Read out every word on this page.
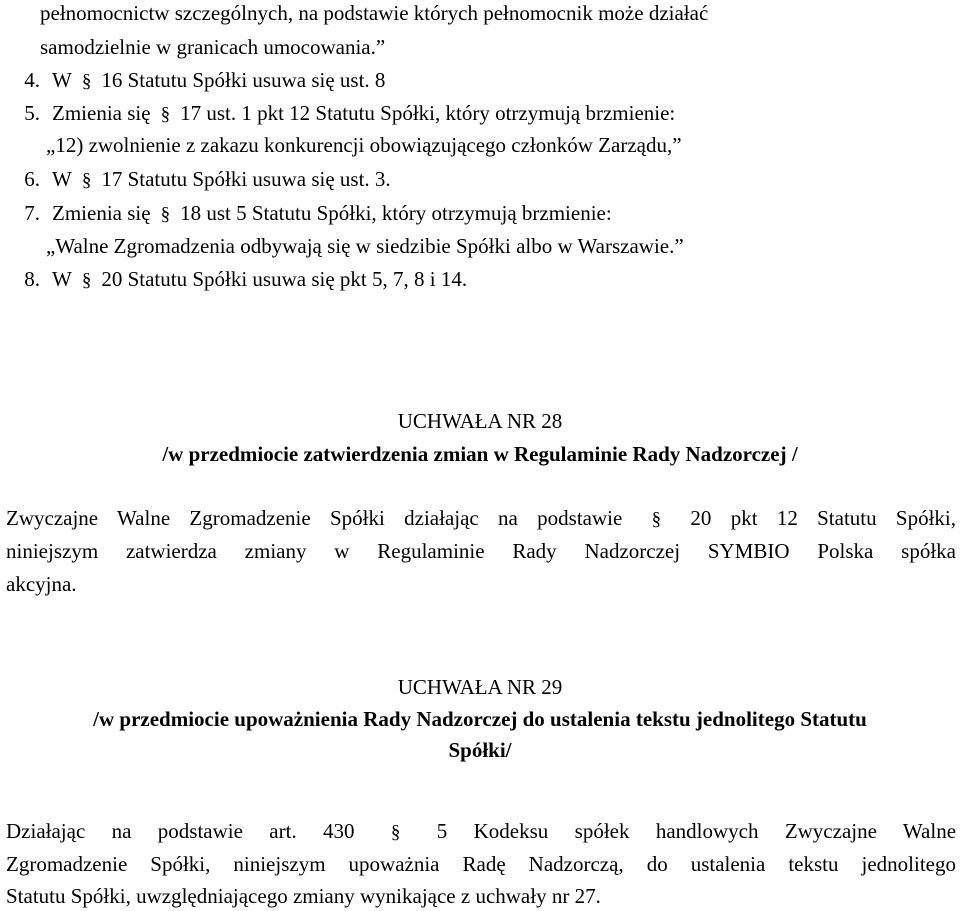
pełnomocnictw szczególnych, na podstawie których pełnomocnik może działać
samodzielnie w granicach umocowania.”
4. W § 16 Statutu Spółki usuwa się ust. 8
5. Zmienia się § 17 ust. 1 pkt 12 Statutu Spółki, który otrzymują brzmienie:
„12) zwolnienie z zakazu konkurencji obowiązującego członków Zarządu,”
6. W § 17 Statutu Spółki usuwa się ust. 3.
7. Zmienia się § 18 ust 5 Statutu Spółki, który otrzymują brzmienie:
„Walne Zgromadzenia odbywają się w siedzibie Spółki albo w Warszawie.”
8. W § 20 Statutu Spółki usuwa się pkt 5, 7, 8 i 14.
UCHWAŁA NR 28
/w przedmiocie zatwierdzenia zmian w Regulaminie Rady Nadzorczej /
Zwyczajne Walne Zgromadzenie Spółki działając na podstawie § 20 pkt 12 Statutu Spółki,
niniejszym zatwierdza zmiany w Regulaminie Rady Nadzorczej SYMBIO Polska spółka
akcyjna.
UCHWAŁA NR 29
/w przedmiocie upoważnienia Rady Nadzorczej do ustalenia tekstu jednolitego Statutu
Spółki/
Działając na podstawie art. 430 § 5 Kodeksu spółek handlowych Zwyczajne Walne
Zgromadzenie Spółki, niniejszym upoważnia Radę Nadzorczą, do ustalenia tekstu jednolitego
Statutu Spółki, uwzględniającego zmiany wynikające z uchwały nr 27.
